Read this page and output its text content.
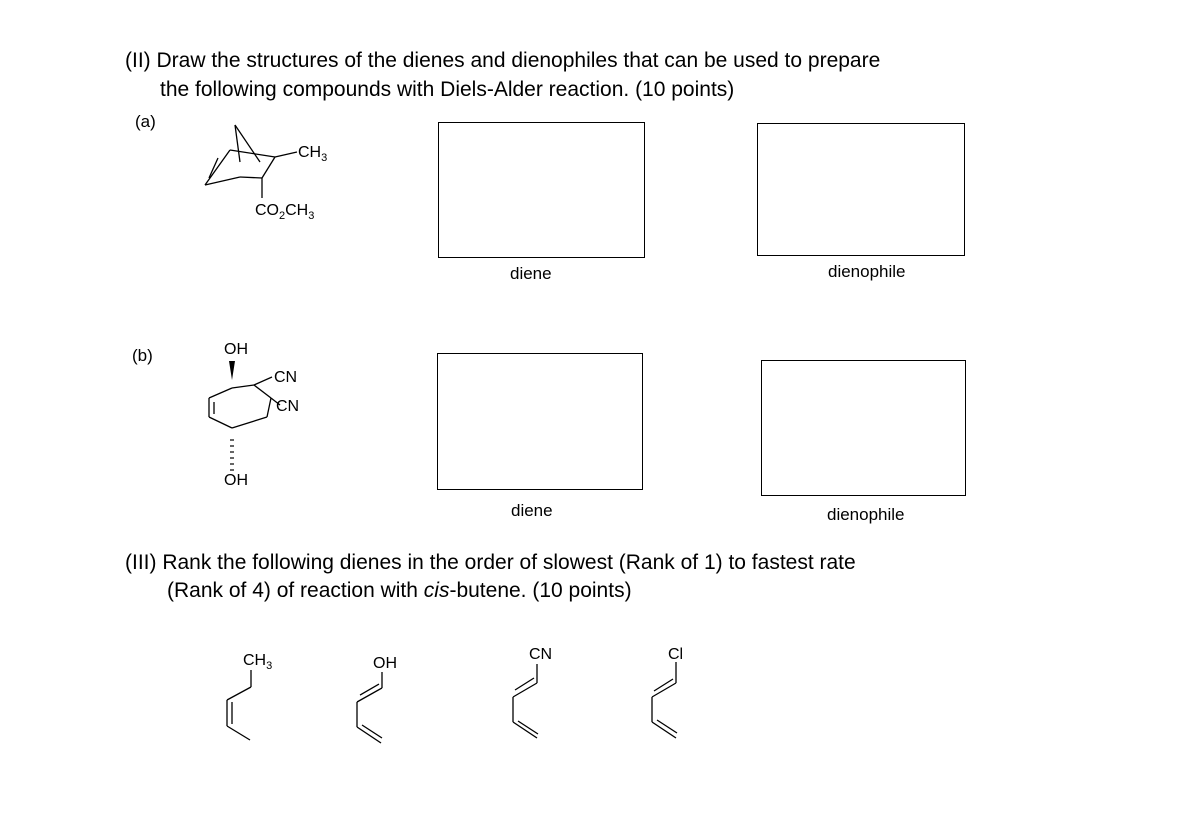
(II) Draw the structures of the dienes and dienophiles that can be used to prepare
the following compounds with Diels-Alder reaction. (10 points)
(a)
$CH_3$
$CO_2CH_3$
diene	dienophile
(b)	OH
CN
CN
OH
diene	dienophile
(III) Rank the following dienes in the order of slowest (Rank of 1) to fastest rate
(Rank of 4) of reaction with cis-butene. (10 points)
$CH_3$	OH
CN	Cl
